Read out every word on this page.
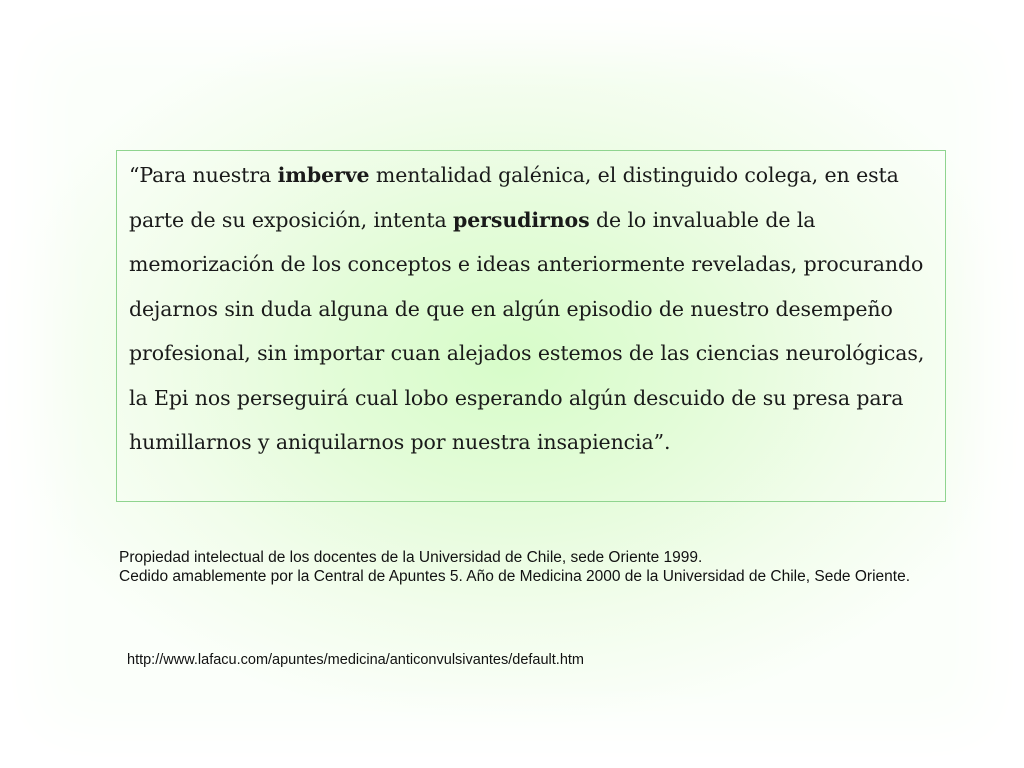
“Para nuestra imberve mentalidad galénica, el distinguido colega, en esta parte de su exposición, intenta persudirnos de lo invaluable de la memorización de los conceptos e ideas anteriormente reveladas, procurando dejarnos sin duda alguna de que en algún episodio de nuestro desempeño profesional, sin importar cuan alejados estemos de las ciencias neurológicas, la Epi nos perseguirá cual lobo esperando algún descuido de su presa para humillarnos y aniquilarnos por nuestra insapiencia”.

Propiedad intelectual de los docentes de la Universidad de Chile, sede Oriente 1999.

Cedido amablemente por la Central de Apuntes 5. Año de Medicina 2000 de la Universidad de Chile, Sede Oriente.

http://www.lafacu.com/apuntes/medicina/anticonvulsivantes/default.htm
